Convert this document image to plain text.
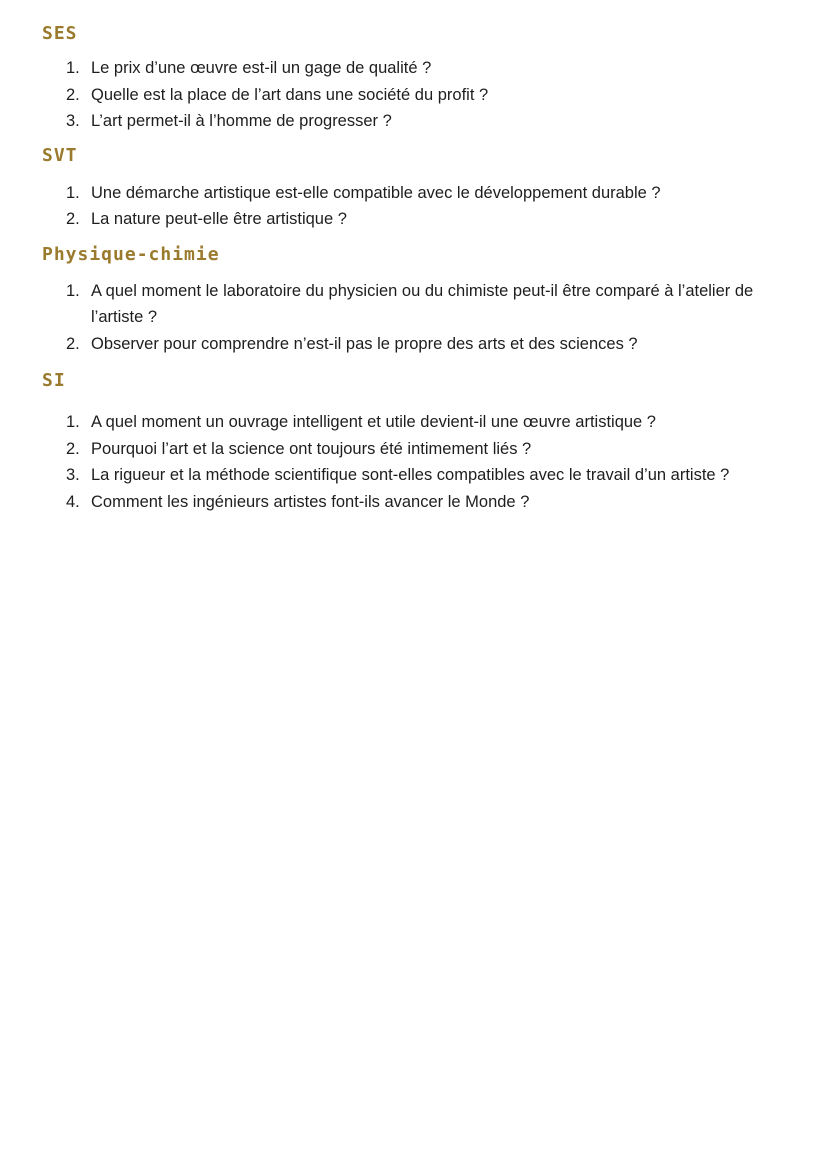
SES
1. Le prix d’une œuvre est-il un gage de qualité ?
2. Quelle est la place de l’art dans une société du profit ?
3. L’art permet-il à l’homme de progresser ?
SVT
1. Une démarche artistique est-elle compatible avec le développement durable ?
2. La nature peut-elle être artistique ?
Physique-chimie
1. A quel moment le laboratoire du physicien ou du chimiste peut-il être comparé à l’atelier de l’artiste ?
2. Observer pour comprendre n’est-il pas le propre des arts et des sciences ?
SI
1. A quel moment un ouvrage intelligent et utile devient-il une œuvre artistique ?
2. Pourquoi l’art et la science ont toujours été intimement liés ?
3. La rigueur et la méthode scientifique sont-elles compatibles avec le travail d’un artiste ?
4. Comment les ingénieurs artistes font-ils avancer le Monde ?
